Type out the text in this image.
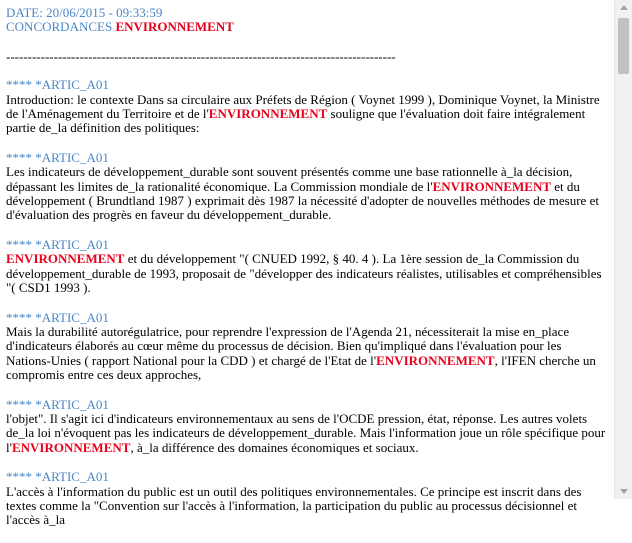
DATE: 20/06/2015 - 09:33:59
CONCORDANCES ENVIRONNEMENT
------------------------------------------------------------------------------------------
**** *ARTIC_A01
Introduction: le contexte Dans sa circulaire aux Préfets de Région ( Voynet 1999 ), Dominique Voynet, la Ministre de l'Aménagement du Territoire et de l'ENVIRONNEMENT souligne que l'évaluation doit faire intégralement partie de_la définition des politiques:
**** *ARTIC_A01
Les indicateurs de développement_durable sont souvent présentés comme une base rationnelle à_la décision, dépassant les limites de_la rationalité économique. La Commission mondiale de l'ENVIRONNEMENT et du développement ( Brundtland 1987 ) exprimait dès 1987 la nécessité d'adopter de nouvelles méthodes de mesure et d'évaluation des progrès en faveur du développement_durable.
**** *ARTIC_A01
ENVIRONNEMENT et du développement "( CNUED 1992, § 40. 4 ). La 1ère session de_la Commission du développement_durable de 1993, proposait de "développer des indicateurs réalistes, utilisables et compréhensibles "( CSD1 1993 ).
**** *ARTIC_A01
Mais la durabilité autorégulatrice, pour reprendre l'expression de l'Agenda 21, nécessiterait la mise en_place d'indicateurs élaborés au cœur même du processus de décision. Bien qu'impliqué dans l'évaluation pour les Nations-Unies ( rapport National pour la CDD ) et chargé de l'Etat de l'ENVIRONNEMENT, l'IFEN cherche un compromis entre ces deux approches,
**** *ARTIC_A01
l'objet". Il s'agit ici d'indicateurs environnementaux au sens de l'OCDE pression, état, réponse. Les autres volets de_la loi n'évoquent pas les indicateurs de développement_durable. Mais l'information joue un rôle spécifique pour l'ENVIRONNEMENT, à_la différence des domaines économiques et sociaux.
**** *ARTIC_A01
L'accès à l'information du public est un outil des politiques environnementales. Ce principe est inscrit dans des textes comme la "Convention sur l'accès à l'information, la participation du public au processus décisionnel et l'accès à_la
